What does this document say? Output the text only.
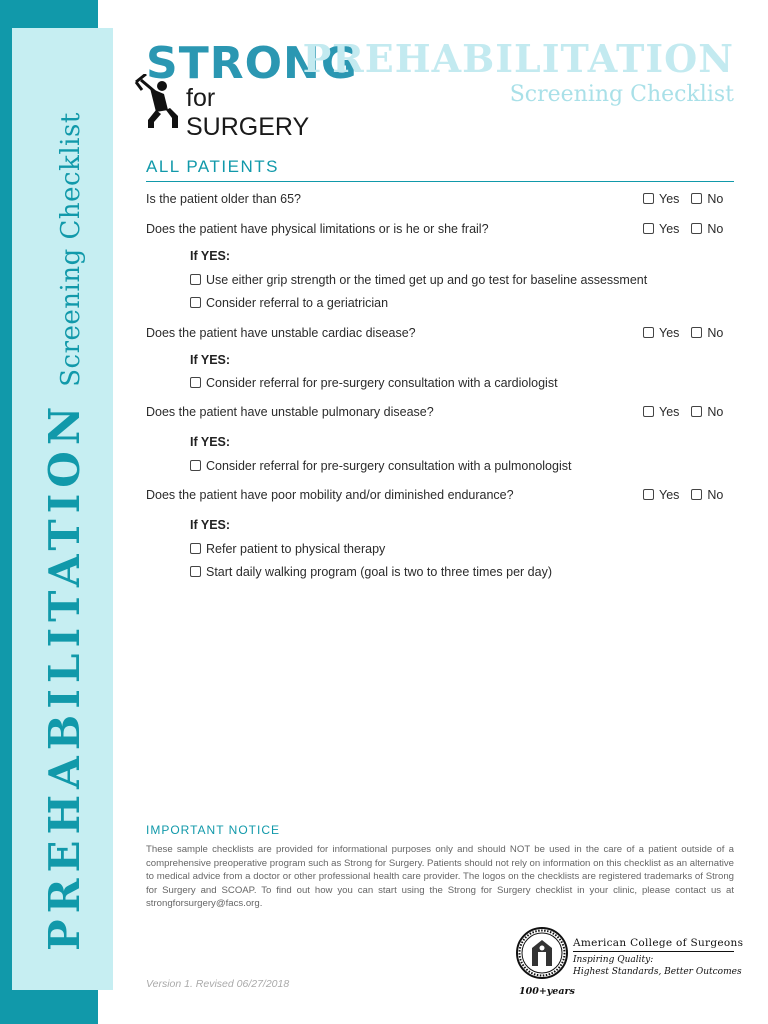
PREHABILITATIONScreening Checklist
STRONG
for SURGERY
PREHABILITATION
Screening Checklist
ALL PATIENTS
Is the patient older than 65?	Yes No
Does the patient have physical limitations or is he or she frail?	Yes No
If YES:
Use either grip strength or the timed get up and go test for baseline assessment
Consider referral to a geriatrician
Does the patient have unstable cardiac disease?	Yes No
If YES:
Consider referral for pre-surgery consultation with a cardiologist
Does the patient have unstable pulmonary disease?	Yes No
If YES:
Consider referral for pre-surgery consultation with a pulmonologist
Does the patient have poor mobility and/or diminished endurance?	Yes No
If YES:
Refer patient to physical therapy
Start daily walking program (goal is two to three times per day)
IMPORTANT NOTICE
These sample checklists are provided for informational purposes only and should NOT be used in the care of a patient outside of a comprehensive preoperative program such as Strong for Surgery. Patients should not rely on information on this checklist as an alternative to medical advice from a doctor or other professional health care provider. The logos on the checklists are registered trademarks of Strong for Surgery and SCOAP. To find out how you can start using the Strong for Surgery checklist in your clinic, please contact us at strongforsurgery@facs.org.
Version 1. Revised 06/27/2018
American College of Surgeons
Inspiring Quality:
Highest Standards, Better Outcomes
100+years
